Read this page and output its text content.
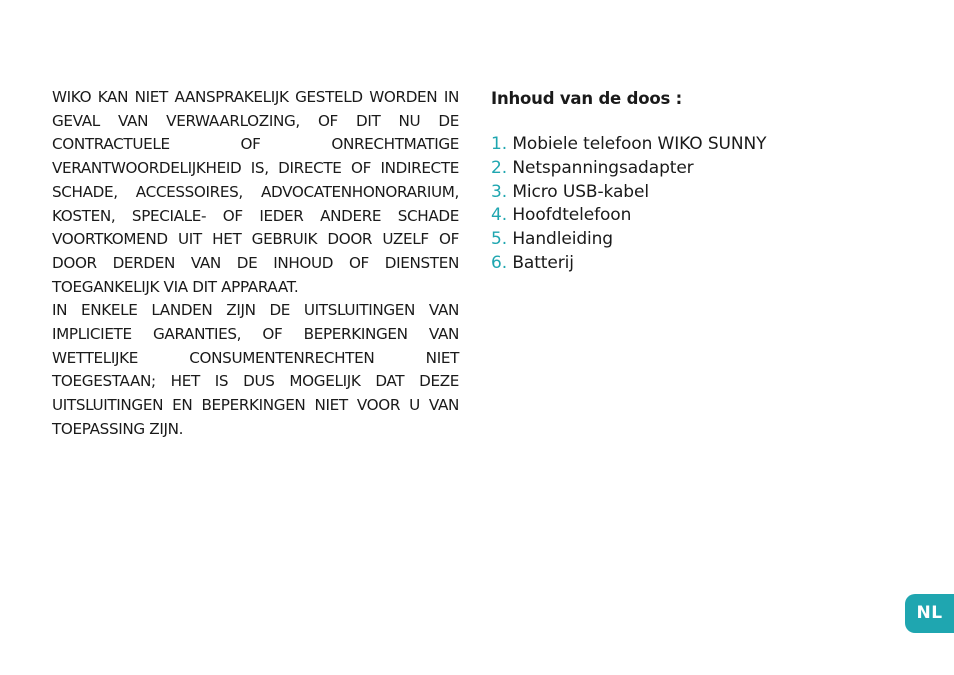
WIKO KAN NIET AANSPRAKELIJK GESTELD WORDEN IN GEVAL VAN VERWAARLOZING, OF DIT NU DE CONTRACTUELE OF ONRECHTMATIGE VERANTWOORDELIJKHEID IS, DIRECTE OF INDIRECTE SCHADE, ACCESSOIRES, ADVOCATENHONORARIUM, KOSTEN, SPECIALE- OF IEDER ANDERE SCHADE VOORTKOMEND UIT HET GEBRUIK DOOR UZELF OF DOOR DERDEN VAN DE INHOUD OF DIENSTEN TOEGANKELIJK VIA DIT APPARAAT.

IN ENKELE LANDEN ZIJN DE UITSLUITINGEN VAN IMPLICIETE GARANTIES, OF BEPERKINGEN VAN WETTELIJKE CONSUMENTENRECHTEN NIET TOEGESTAAN; HET IS DUS MOGELIJK DAT DEZE UITSLUITINGEN EN BEPERKINGEN NIET VOOR U VAN TOEPASSING ZIJN.

Inhoud van de doos :
1. Mobiele telefoon WIKO SUNNY
2. Netspanningsadapter
3. Micro USB-kabel
4. Hoofdtelefoon
5. Handleiding
6. Batterij
NL
